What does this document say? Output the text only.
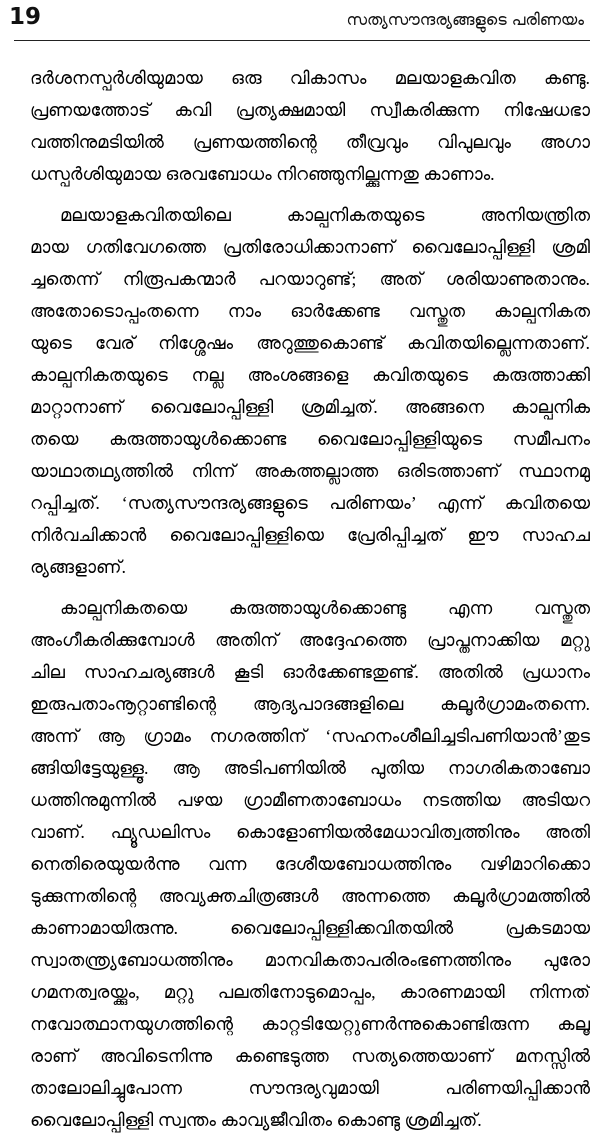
19	സത്യസൗന്ദര്യങ്ങളുടെ പരിണയം
ദർശനസ്പർശിയുമായ ഒരു വികാസം മലയാളകവിത കണ്ടു.
പ്രണയത്തോട് കവി പ്രത്യക്ഷമായി സ്വീകരിക്കുന്ന നിഷേധഭാ
വത്തിനുമടിയിൽ പ്രണയത്തിന്റെ തീവ്രവും വിപുലവും അഗാ
ധസ്പർശിയുമായ ഒരവബോധം നിറഞ്ഞുനില്ക്കുന്നതു കാണാം.
മലയാളകവിതയിലെ കാല്പനികതയുടെ അനിയന്ത്രിത
മായ ഗതിവേഗത്തെ പ്രതിരോധിക്കാനാണ് വൈലോപ്പിള്ളി ശ്രമി
ച്ചതെന്ന് നിരൂപകന്മാർ പറയാറുണ്ട്; അത് ശരിയാണുതാനും.
അതോടൊപ്പംതന്നെ നാം ഓർക്കേണ്ട വസ്തുത കാല്പനികത
യുടെ വേര് നിശ്ശേഷം അറുത്തുകൊണ്ട് കവിതയില്ലെന്നതാണ്.
കാല്പനികതയുടെ നല്ല അംശങ്ങളെ കവിതയുടെ കരുത്താക്കി
മാറ്റാനാണ് വൈലോപ്പിള്ളി ശ്രമിച്ചത്. അങ്ങനെ കാല്പനിക
തയെ കരുത്തായുൾക്കൊണ്ട വൈലോപ്പിള്ളിയുടെ സമീപനം
യാഥാതഥ്യത്തിൽ നിന്ന് അകത്തല്ലാത്ത ഒരിടത്താണ് സ്ഥാനമു
റപ്പിച്ചത്. ‘സത്യസൗന്ദര്യങ്ങളുടെ പരിണയം’ എന്ന് കവിതയെ
നിർവചിക്കാൻ വൈലോപ്പിള്ളിയെ പ്രേരിപ്പിച്ചത് ഈ സാഹച
ര്യങ്ങളാണ്.
കാല്പനികതയെ കരുത്തായുൾക്കൊണ്ടു എന്ന വസ്തുത
അംഗീകരിക്കുമ്പോൾ അതിന് അദ്ദേഹത്തെ പ്രാപ്തനാക്കിയ മറ്റു
ചില സാഹചര്യങ്ങൾ കൂടി ഓർക്കേണ്ടതുണ്ട്. അതിൽ പ്രധാനം
ഇരുപതാംനൂറ്റാണ്ടിന്റെ ആദ്യപാദങ്ങളിലെ കലൂർഗ്രാമംതന്നെ.
അന്ന് ആ ഗ്രാമം നഗരത്തിന് ‘സഹനംശീലിച്ചടിപണിയാൻ’തുട
ങ്ങിയിട്ടേയുള്ളൂ. ആ അടിപണിയിൽ പുതിയ നാഗരികതാബോ
ധത്തിനുമുന്നിൽ പഴയ ഗ്രാമീണതാബോധം നടത്തിയ അടിയറ
വാണ്. ഫ്യൂഡലിസം കൊളോണിയൽമേധാവിത്വത്തിനും അതി
നെതിരെയുയർന്നു വന്ന ദേശീയബോധത്തിനും വഴിമാറിക്കൊ
ടുക്കുന്നതിന്റെ അവ്യക്തചിത്രങ്ങൾ അന്നത്തെ കലൂർഗ്രാമത്തിൽ
കാണാമായിരുന്നു. വൈലോപ്പിള്ളിക്കവിതയിൽ പ്രകടമായ
സ്വാതന്ത്ര്യബോധത്തിനും മാനവികതാപരിരംഭണത്തിനും പുരോ
ഗമനത്വരയ്ക്കും, മറ്റു പലതിനോടുമൊപ്പം, കാരണമായി നിന്നത്
നവോത്ഥാനയുഗത്തിന്റെ കാറ്റടിയേറ്റുണർന്നുകൊണ്ടിരുന്ന കലൂ
രാണ് അവിടെനിന്നു കണ്ടെടുത്ത സത്യത്തെയാണ് മനസ്സിൽ
താലോലിച്ചുപോന്ന സൗന്ദര്യവുമായി പരിണയിപ്പിക്കാൻ
വൈലോപ്പിള്ളി സ്വന്തം കാവ്യജീവിതം കൊണ്ടു ശ്രമിച്ചത്.
